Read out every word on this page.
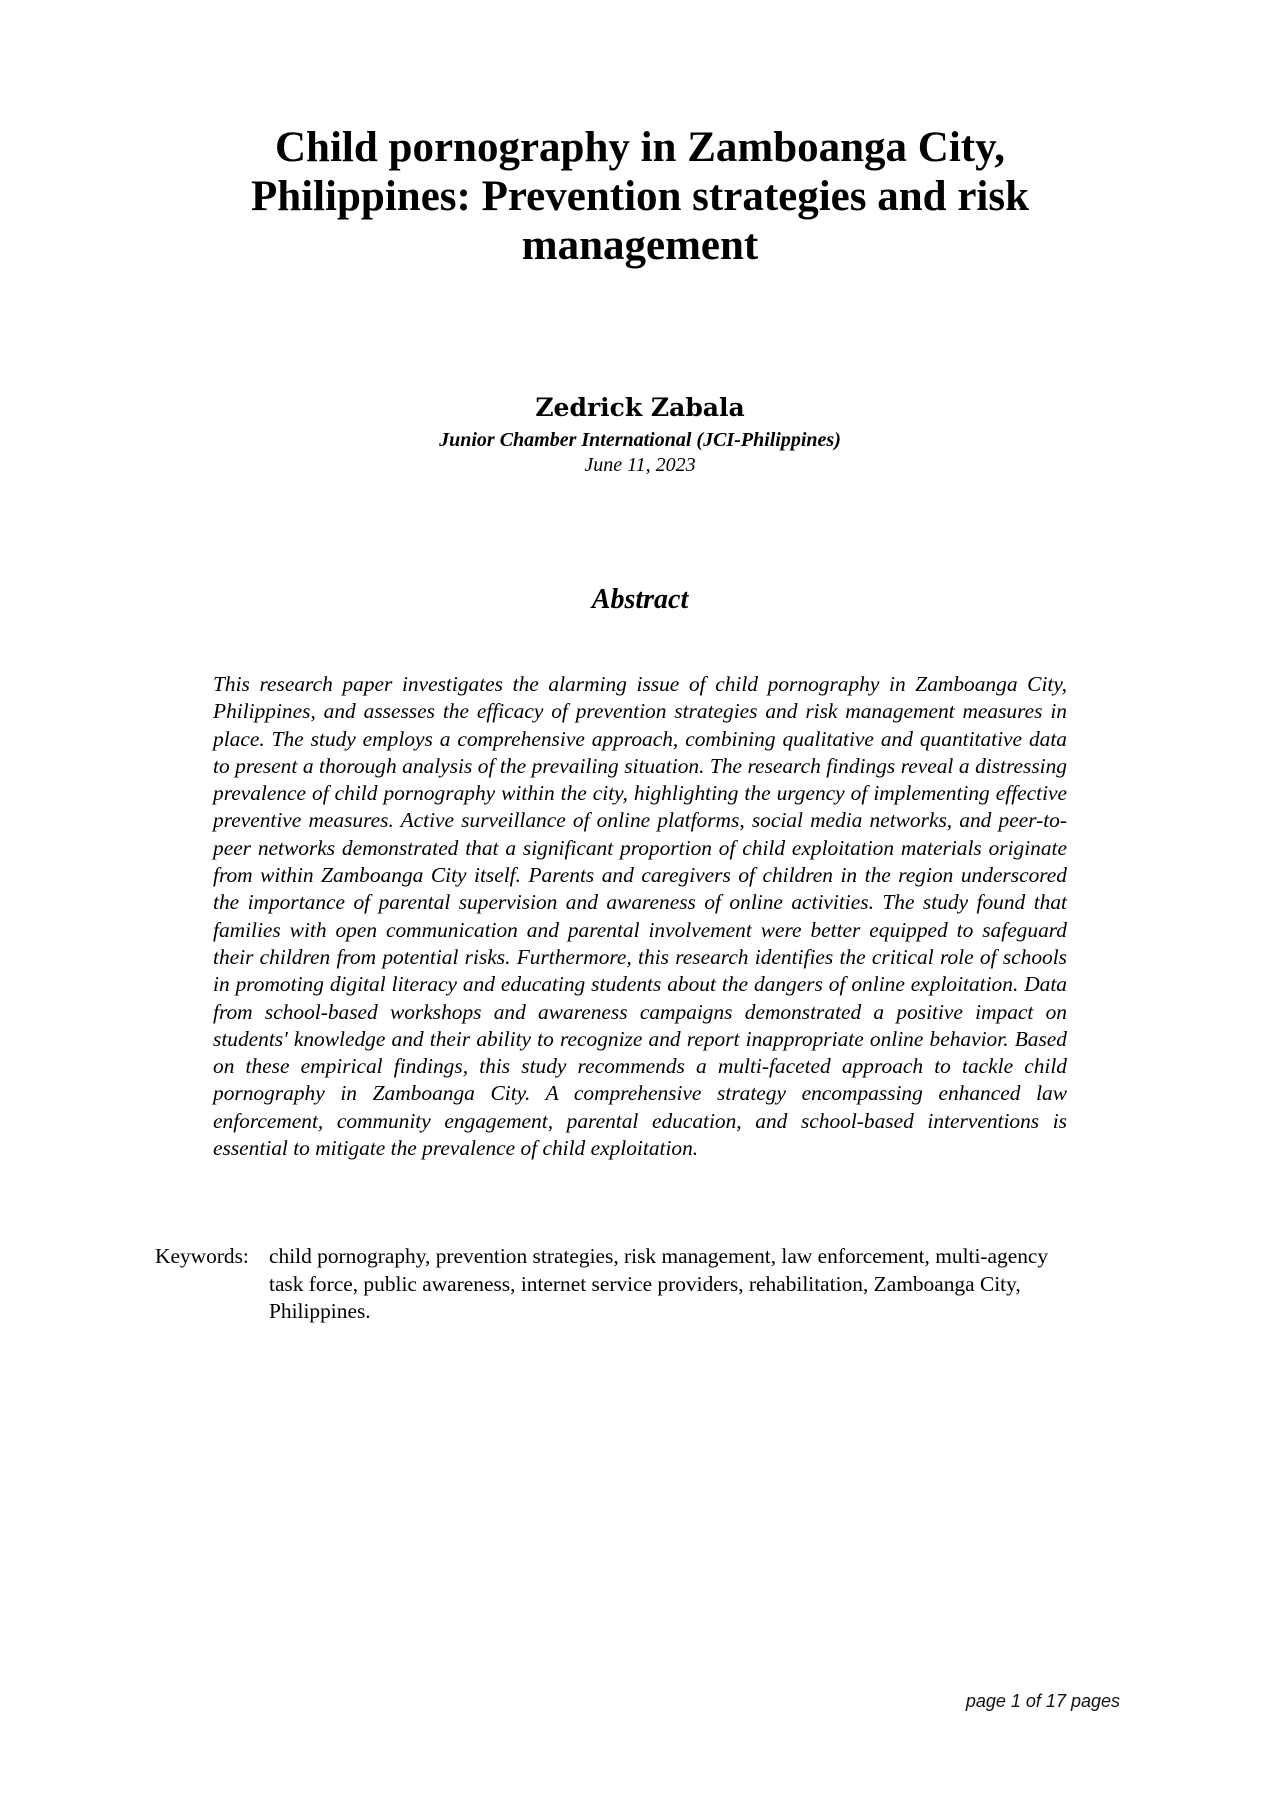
Child pornography in Zamboanga City, Philippines: Prevention strategies and risk management
Zedrick Zabala
Junior Chamber International (JCI-Philippines)
June 11, 2023
Abstract

This research paper investigates the alarming issue of child pornography in Zamboanga City, Philippines, and assesses the efficacy of prevention strategies and risk management measures in place. The study employs a comprehensive approach, combining qualitative and quantitative data to present a thorough analysis of the prevailing situation. The research findings reveal a distressing prevalence of child pornography within the city, highlighting the urgency of implementing effective preventive measures. Active surveillance of online platforms, social media networks, and peer-to-peer networks demonstrated that a significant proportion of child exploitation materials originate from within Zamboanga City itself. Parents and caregivers of children in the region underscored the importance of parental supervision and awareness of online activities. The study found that families with open communication and parental involvement were better equipped to safeguard their children from potential risks. Furthermore, this research identifies the critical role of schools in promoting digital literacy and educating students about the dangers of online exploitation. Data from school-based workshops and awareness campaigns demonstrated a positive impact on students' knowledge and their ability to recognize and report inappropriate online behavior. Based on these empirical findings, this study recommends a multi-faceted approach to tackle child pornography in Zamboanga City. A comprehensive strategy encompassing enhanced law enforcement, community engagement, parental education, and school-based interventions is essential to mitigate the prevalence of child exploitation.

Keywords: child pornography, prevention strategies, risk management, law enforcement, multi-agency task force, public awareness, internet service providers, rehabilitation, Zamboanga City, Philippines.
page 1 of 17 pages
